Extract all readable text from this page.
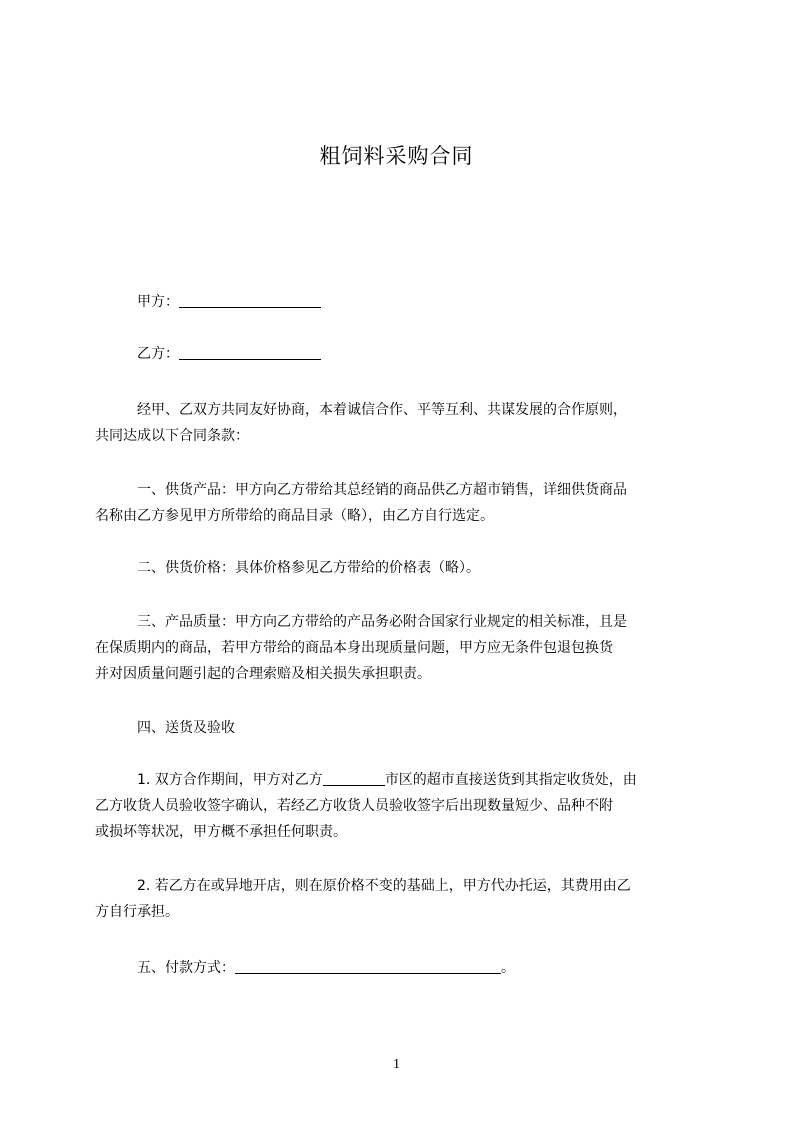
粗饲料采购合同
甲方：
乙方：
经甲、乙双方共同友好协商，本着诚信合作、平等互利、共谋发展的合作原则，
共同达成以下合同条款：
一、供货产品：甲方向乙方带给其总经销的商品供乙方超市销售，详细供货商品
名称由乙方参见甲方所带给的商品目录（略），由乙方自行选定。
二、供货价格：具体价格参见乙方带给的价格表（略）。
三、产品质量：甲方向乙方带给的产品务必附合国家行业规定的相关标准，且是
在保质期内的商品，若甲方带给的商品本身出现质量问题，甲方应无条件包退包换货
并对因质量问题引起的合理索赔及相关损失承担职责。
四、送货及验收
1. 双方合作期间，甲方对乙方	市区的超市直接送货到其指定收货处，由
乙方收货人员验收签字确认，若经乙方收货人员验收签字后出现数量短少、品种不附
或损坏等状况，甲方概不承担任何职责。
2. 若乙方在或异地开店，则在原价格不变的基础上，甲方代办托运，其费用由乙
方自行承担。
五、付款方式：	。
1
